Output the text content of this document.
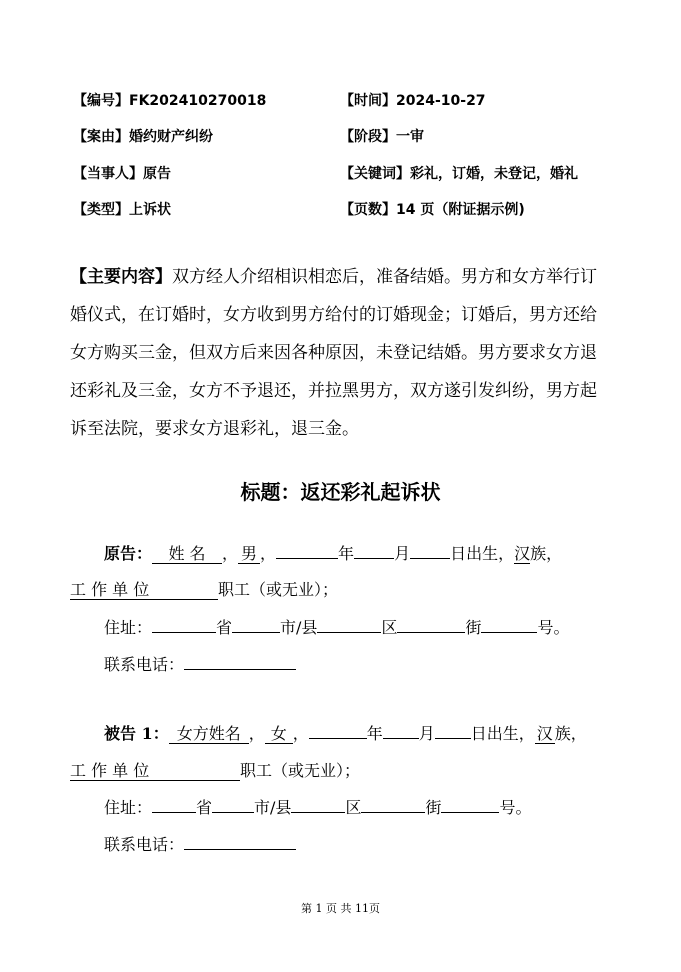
【编号】FK202410270018	【时间】2024-10-27
【案由】婚约财产纠纷	【阶段】一审
【当事人】原告	【关键词】彩礼，订婚，未登记，婚礼
【类型】上诉状	【页数】14 页（附证据示例)
【主要内容】双方经人介绍相识相恋后，准备结婚。男方和女方举行订婚仪式，在订婚时，女方收到男方给付的订婚现金；订婚后，男方还给女方购买三金，但双方后来因各种原因，未登记结婚。男方要求女方退还彩礼及三金，女方不予退还，并拉黑男方，双方遂引发纠纷，男方起诉至法院，要求女方退彩礼，退三金。
标题：返还彩礼起诉状
原告： 姓 名 ， 男 ，	年	月	日出生，汉族，
工 作 单 位	职工（或无业）；
住址：	省	市/县	区	街	号。
联系电话：
被告 1： 女方姓名 ， 女 ，	年 月 日出生， 汉 族，
工 作 单 位	职工（或无业）；
住址：	省	市/县	区	街	号。
联系电话：
第 1 页 共 11页
